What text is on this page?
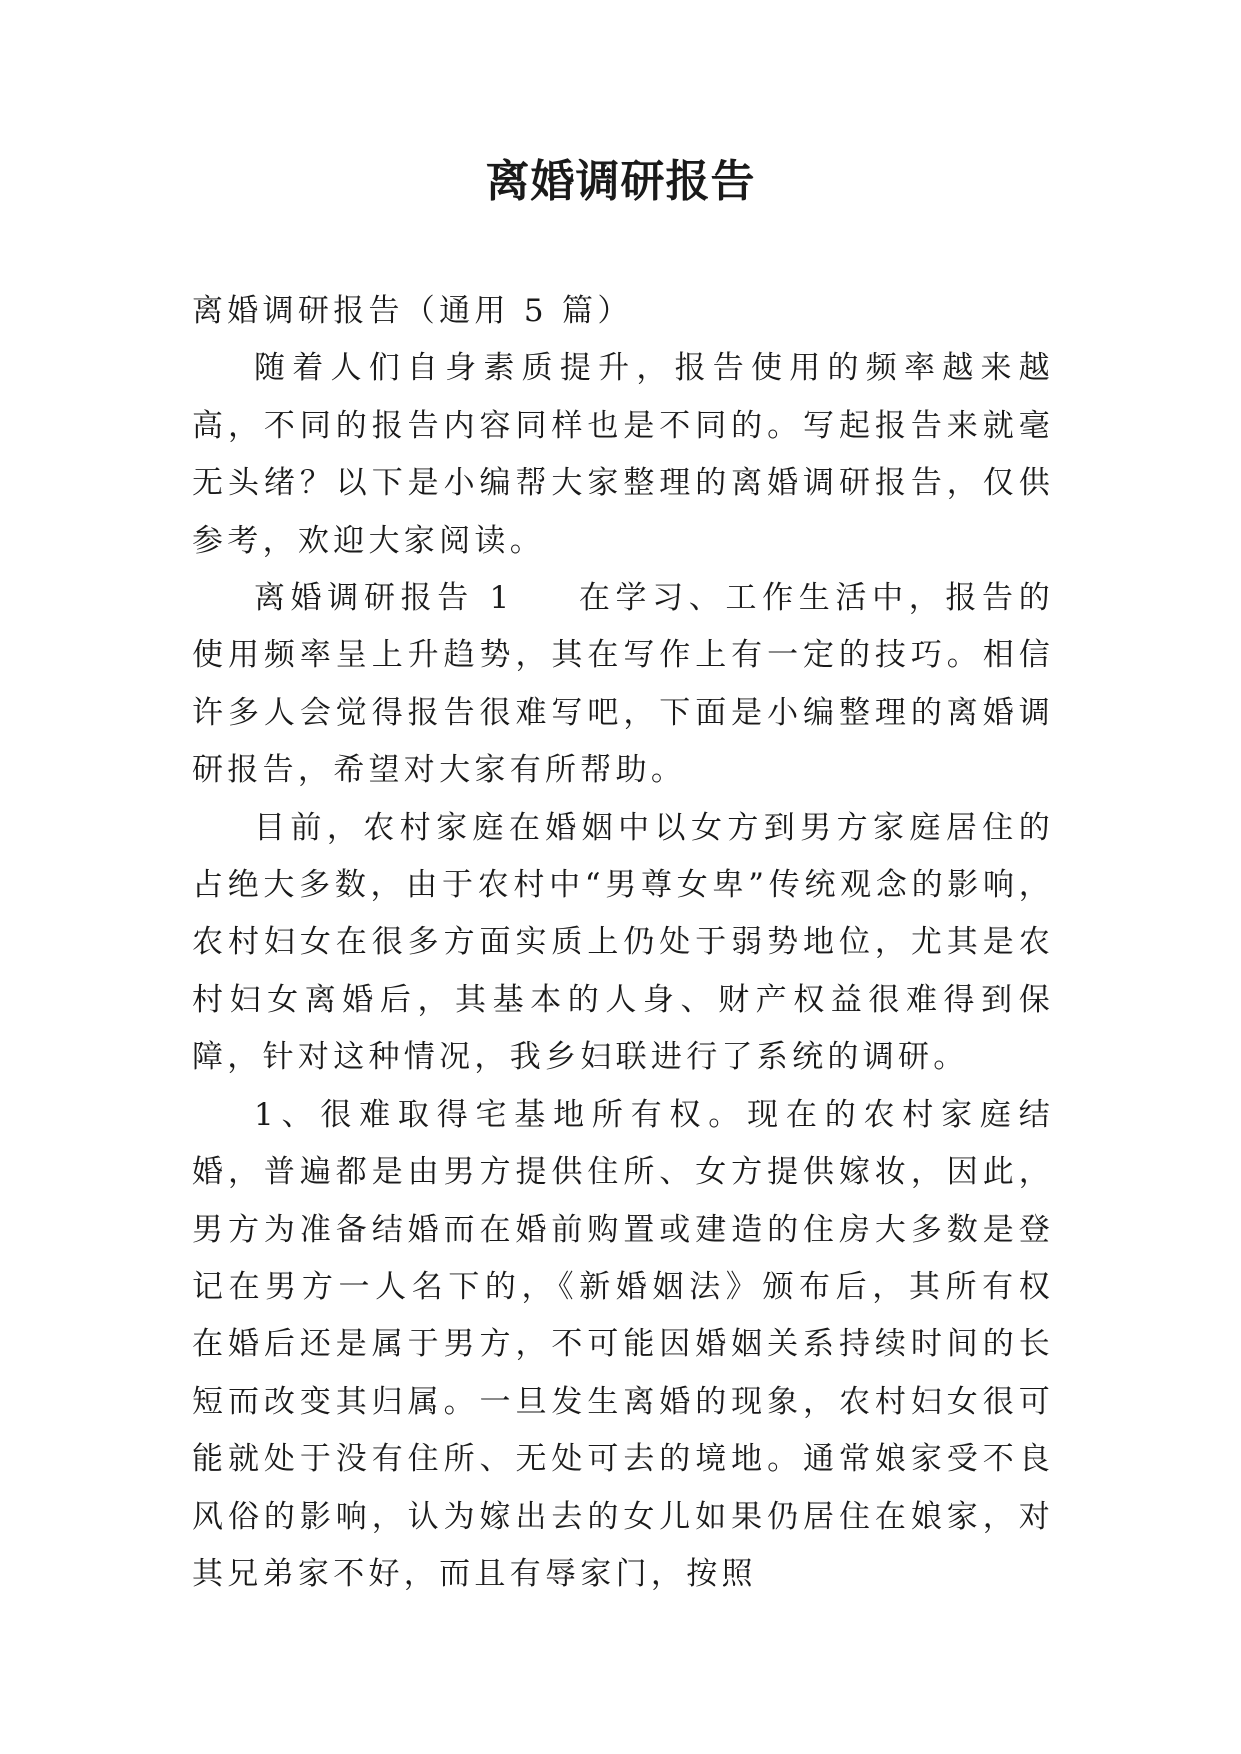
离婚调研报告

离婚调研报告（通用 5 篇）

随着人们自身素质提升，报告使用的频率越来越高，不同的报告内容同样也是不同的。写起报告来就毫无头绪？以下是小编帮大家整理的离婚调研报告，仅供参考，欢迎大家阅读。

离婚调研报告 1 在学习、工作生活中，报告的使用频率呈上升趋势，其在写作上有一定的技巧。相信许多人会觉得报告很难写吧，下面是小编整理的离婚调研报告，希望对大家有所帮助。

目前，农村家庭在婚姻中以女方到男方家庭居住的占绝大多数，由于农村中“男尊女卑”传统观念的影响，农村妇女在很多方面实质上仍处于弱势地位，尤其是农村妇女离婚后，其基本的人身、财产权益很难得到保障，针对这种情况，我乡妇联进行了系统的调研。

1、很难取得宅基地所有权。现在的农村家庭结婚，普遍都是由男方提供住所、女方提供嫁妆，因此，男方为准备结婚而在婚前购置或建造的住房大多数是登记在男方一人名下的，《新婚姻法》颁布后，其所有权在婚后还是属于男方，不可能因婚姻关系持续时间的长短而改变其归属。一旦发生离婚的现象，农村妇女很可能就处于没有住所、无处可去的境地。通常娘家受不良风俗的影响，认为嫁出去的女儿如果仍居住在娘家，对其兄弟家不好，而且有辱家门，按照
